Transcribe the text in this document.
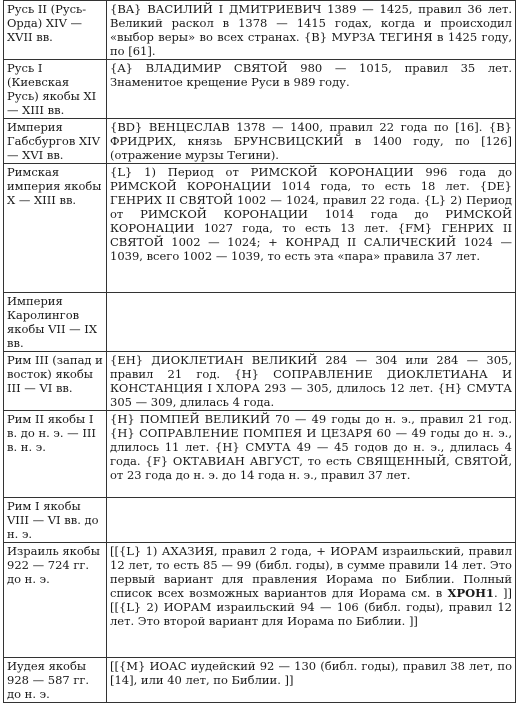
Русь II (Русь-Орда) XIV — XVII вв.	{BA} ВАСИЛИЙ I ДМИТРИЕВИЧ 1389 — 1425, правил 36 лет. Великий раскол в 1378 — 1415 годах, когда и происходил «выбор веры» во всех странах. {B} МУРЗА ТЕГИНЯ в 1425 году, по [61].
Русь I (Киевская Русь) якобы XI — XIII вв.	{A} ВЛАДИМИР СВЯТОЙ 980 — 1015, правил 35 лет. Знаменитое крещение Руси в 989 году.
Империя Габсбургов XIV — XVI вв.	{BD} ВЕНЦЕСЛАВ 1378 — 1400, правил 22 года по [16]. {B} ФРИДРИХ, князь БРУНСВИЦСКИЙ в 1400 году, по [126] (отражение мурзы Тегини).
Римская империя якобы X — XIII вв.	{L} 1) Период от РИМСКОЙ КОРОНАЦИИ 996 года до РИМСКОЙ КОРОНАЦИИ 1014 года, то есть 18 лет. {DE} ГЕНРИХ II СВЯТОЙ 1002 — 1024, правил 22 года. {L} 2) Период от РИМСКОЙ КОРОНАЦИИ 1014 года до РИМСКОЙ КОРОНАЦИИ 1027 года, то есть 13 лет. {FM} ГЕНРИХ II СВЯТОЙ 1002 — 1024; + КОНРАД II САЛИЧЕСКИЙ 1024 — 1039, всего 1002 — 1039, то есть эта «пара» правила 37 лет.
Империя Каролингов якобы VII — IX вв.	
Рим III (запад и восток) якобы III — VI вв.	{EH} ДИОКЛЕТИАН ВЕЛИКИЙ 284 — 304 или 284 — 305, правил 21 год. {H} СОПРАВЛЕНИЕ ДИОКЛЕТИАНА И КОНСТАНЦИЯ I ХЛОРА 293 — 305, длилось 12 лет. {H} СМУТА 305 — 309, длилась 4 года.
Рим II якобы I в. до н. э. — III в. н. э.	{H} ПОМПЕЙ ВЕЛИКИЙ 70 — 49 годы до н. э., правил 21 год. {H} СОПРАВЛЕНИЕ ПОМПЕЯ И ЦЕЗАРЯ 60 — 49 годы до н. э., длилось 11 лет. {H} СМУТА 49 — 45 годов до н. э., длилась 4 года. {F} ОКТАВИАН АВГУСТ, то есть СВЯЩЕННЫЙ, СВЯТОЙ, от 23 года до н. э. до 14 года н. э., правил 37 лет.
Рим I якобы VIII — VI вв. до н. э.	
Израиль якобы 922 — 724 гг. до н. э.	[[{L} 1) АХАЗИЯ, правил 2 года, + ИОРАМ израильский, правил 12 лет, то есть 85 — 99 (библ. годы), в сумме правили 14 лет. Это первый вариант для правления Иорама по Библии. Полный список всех возможных вариантов для Иорама см. в ХРОН1. ]] [[{L} 2) ИОРАМ израильский 94 — 106 (библ. годы), правил 12 лет. Это второй вариант для Иорама по Библии. ]]
Иудея якобы 928 — 587 гг. до н. э.	[[{M} ИОАС иудейский 92 — 130 (библ. годы), правил 38 лет, по [14], или 40 лет, по Библии. ]]
